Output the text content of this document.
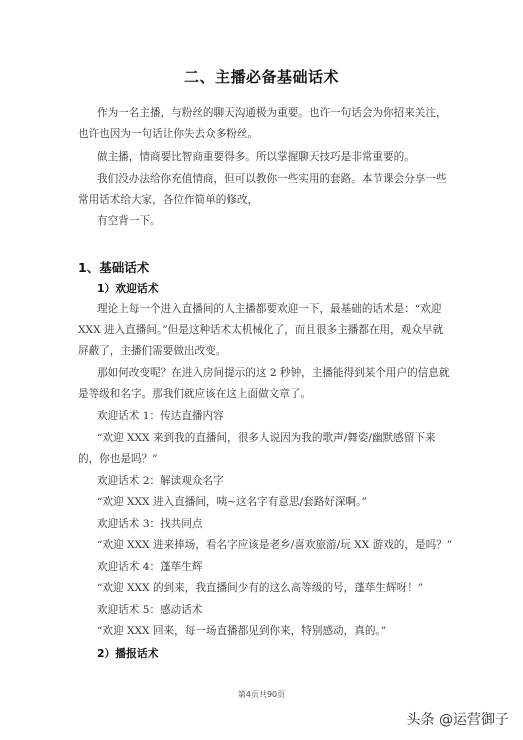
二、主播必备基础话术
作为一名主播，与粉丝的聊天沟通极为重要。也许一句话会为你招来关注，
也许也因为一句话让你失去众多粉丝。
做主播，情商要比智商重要得多。所以掌握聊天技巧是非常重要的。
我们没办法给你充值情商，但可以教你一些实用的套路。本节课会分享一些
常用话术给大家，各位作简单的修改，
有空背一下。
1、基础话术
1）欢迎话术
理论上每一个进入直播间的人主播都要欢迎一下，最基础的话术是：“欢迎
XXX 进入直播间。”但是这种话术太机械化了，而且很多主播都在用，观众早就
屏蔽了，主播们需要做出改变。
那如何改变呢？在进入房间提示的这 2 秒钟，主播能得到某个用户的信息就
是等级和名字。那我们就应该在这上面做文章了。
欢迎话术 1：传达直播内容
“欢迎 XXX 来到我的直播间，很多人说因为我的歌声/舞姿/幽默感留下来
的，你也是吗？”
欢迎话术 2：解读观众名字
“欢迎 XXX 进入直播间，咦~这名字有意思/套路好深啊。”
欢迎话术 3：找共同点
“欢迎 XXX 进来捧场，看名字应该是老乡/喜欢旅游/玩 XX 游戏的，是吗？”
欢迎话术 4：蓬荜生辉
“欢迎 XXX 的到来，我直播间少有的这么高等级的号，蓬荜生辉呀！”
欢迎话术 5：感动话术
“欢迎 XXX 回来，每一场直播都见到你来，特别感动，真的。”
2）播报话术
第4页共90页
头条 @运营御子
